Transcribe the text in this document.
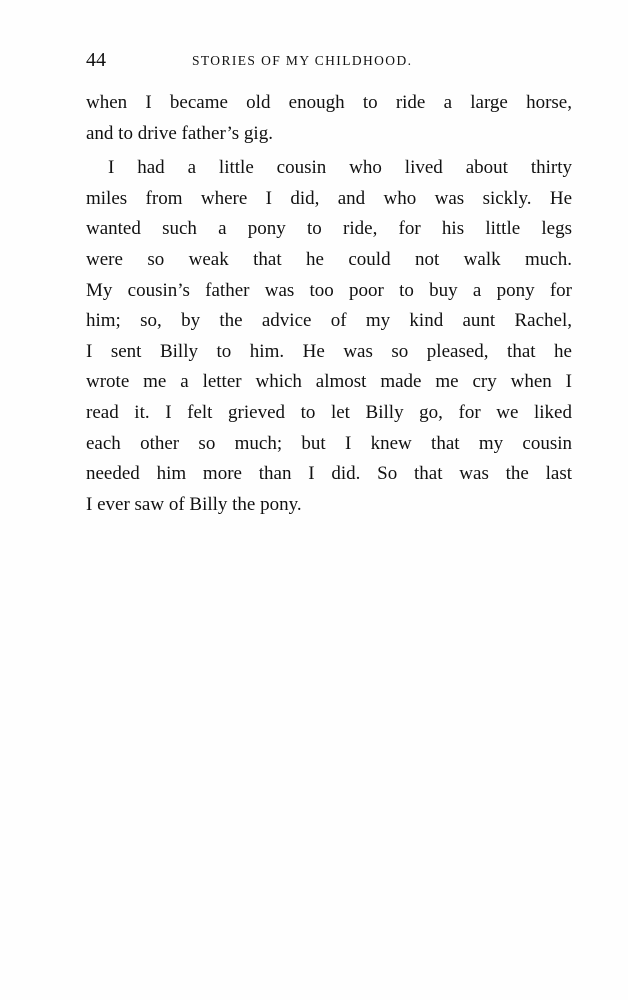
44	STORIES OF MY CHILDHOOD.
when I became old enough to ride a large horse,
and to drive father’s gig.
I had a little cousin who lived about thirty
miles from where I did, and who was sickly. He
wanted such a pony to ride, for his little legs
were so weak that he could not walk much.
My cousin’s father was too poor to buy a pony for
him; so, by the advice of my kind aunt Rachel,
I sent Billy to him. He was so pleased, that he
wrote me a letter which almost made me cry when I
read it. I felt grieved to let Billy go, for we liked
each other so much; but I knew that my cousin
needed him more than I did. So that was the last
I ever saw of Billy the pony.
